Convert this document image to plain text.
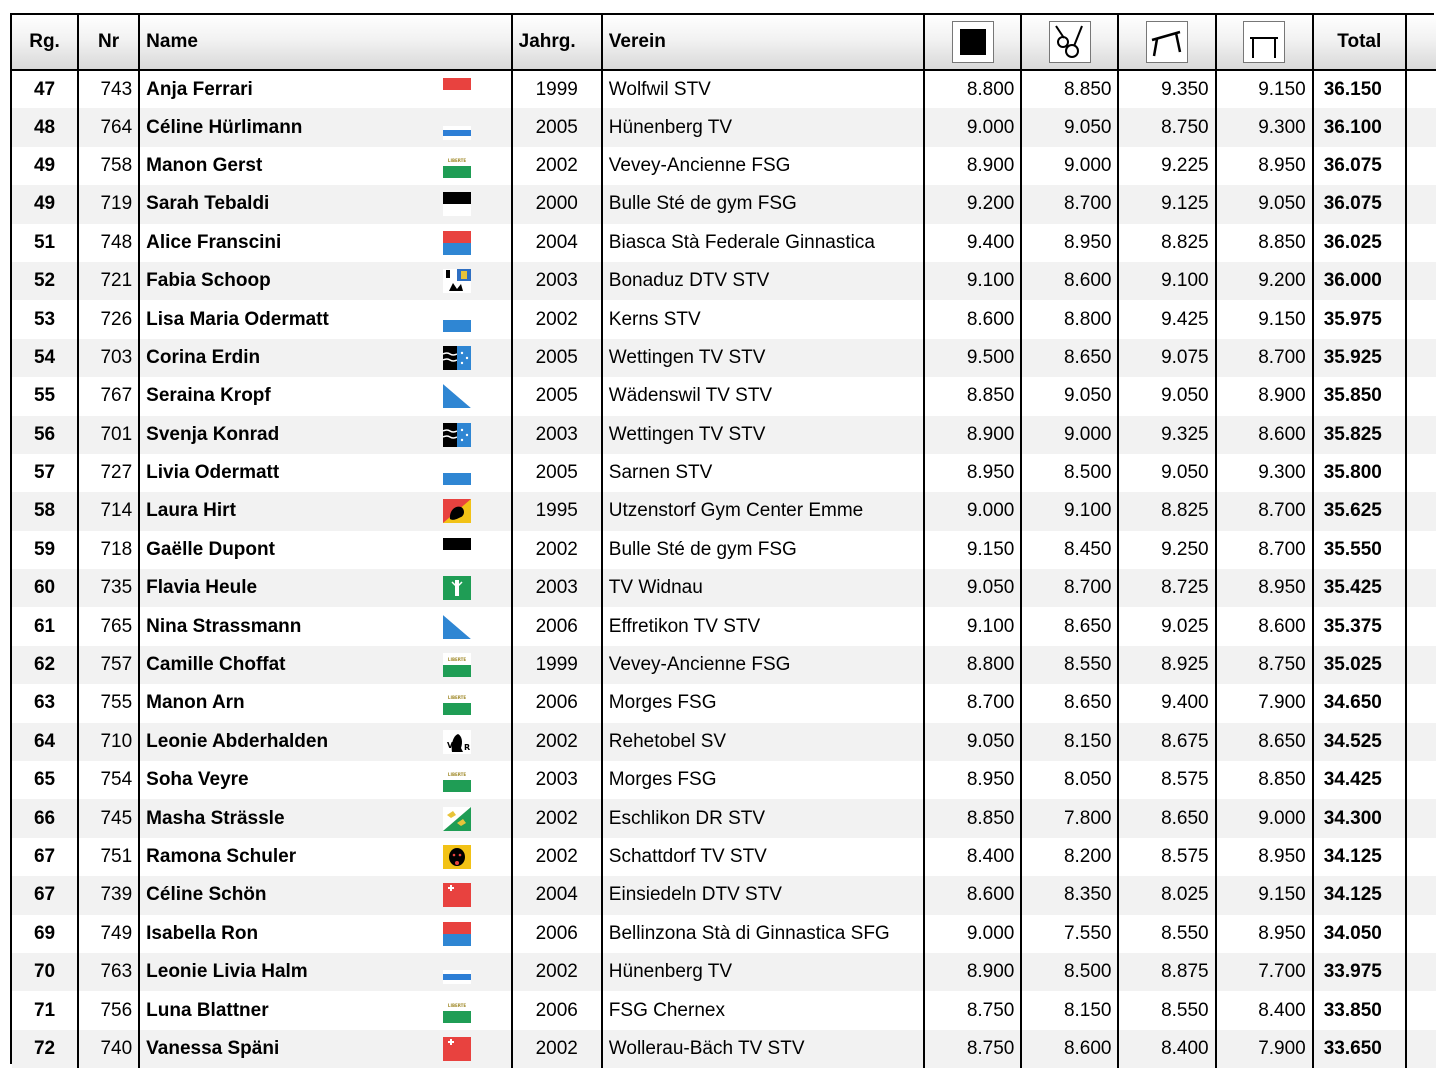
Rg.	Nr	Name	Jahrg.	Verein					Total	
47	743	Anja Ferrari	1999	Wolfwil STV	8.800	8.850	9.350	9.150	36.150	
48	764	Céline Hürlimann	2005	Hünenberg TV	9.000	9.050	8.750	9.300	36.100	
49	758	Manon Gerst LIBERTE	2002	Vevey-Ancienne FSG	8.900	9.000	9.225	8.950	36.075	
49	719	Sarah Tebaldi	2000	Bulle Sté de gym FSG	9.200	8.700	9.125	9.050	36.075	
51	748	Alice Franscini	2004	Biasca Stà Federale Ginnastica	9.400	8.950	8.825	8.850	36.025	
52	721	Fabia Schoop	2003	Bonaduz DTV STV	9.100	8.600	9.100	9.200	36.000	
53	726	Lisa Maria Odermatt	2002	Kerns STV	8.600	8.800	9.425	9.150	35.975	
54	703	Corina Erdin	2005	Wettingen TV STV	9.500	8.650	9.075	8.700	35.925	
55	767	Seraina Kropf	2005	Wädenswil TV STV	8.850	9.050	9.050	8.900	35.850	
56	701	Svenja Konrad	2003	Wettingen TV STV	8.900	9.000	9.325	8.600	35.825	
57	727	Livia Odermatt	2005	Sarnen STV	8.950	8.500	9.050	9.300	35.800	
58	714	Laura Hirt	1995	Utzenstorf Gym Center Emme	9.000	9.100	8.825	8.700	35.625	
59	718	Gaëlle Dupont	2002	Bulle Sté de gym FSG	9.150	8.450	9.250	8.700	35.550	
60	735	Flavia Heule	2003	TV Widnau	9.050	8.700	8.725	8.950	35.425	
61	765	Nina Strassmann	2006	Effretikon TV STV	9.100	8.650	9.025	8.600	35.375	
62	757	Camille Choffat LIBERTE	1999	Vevey-Ancienne FSG	8.800	8.550	8.925	8.750	35.025	
63	755	Manon Arn LIBERTE	2006	Morges FSG	8.700	8.650	9.400	7.900	34.650	
64	710	Leonie Abderhalden V R	2002	Rehetobel SV	9.050	8.150	8.675	8.650	34.525	
65	754	Soha Veyre LIBERTE	2003	Morges FSG	8.950	8.050	8.575	8.850	34.425	
66	745	Masha Strässle	2002	Eschlikon DR STV	8.850	7.800	8.650	9.000	34.300	
67	751	Ramona Schuler	2002	Schattdorf TV STV	8.400	8.200	8.575	8.950	34.125	
67	739	Céline Schön	2004	Einsiedeln DTV STV	8.600	8.350	8.025	9.150	34.125	
69	749	Isabella Ron	2006	Bellinzona Stà di Ginnastica SFG	9.000	7.550	8.550	8.950	34.050	
70	763	Leonie Livia Halm	2002	Hünenberg TV	8.900	8.500	8.875	7.700	33.975	
71	756	Luna Blattner LIBERTE	2006	FSG Chernex	8.750	8.150	8.550	8.400	33.850	
72	740	Vanessa Späni	2002	Wollerau-Bäch TV STV	8.750	8.600	8.400	7.900	33.650	
